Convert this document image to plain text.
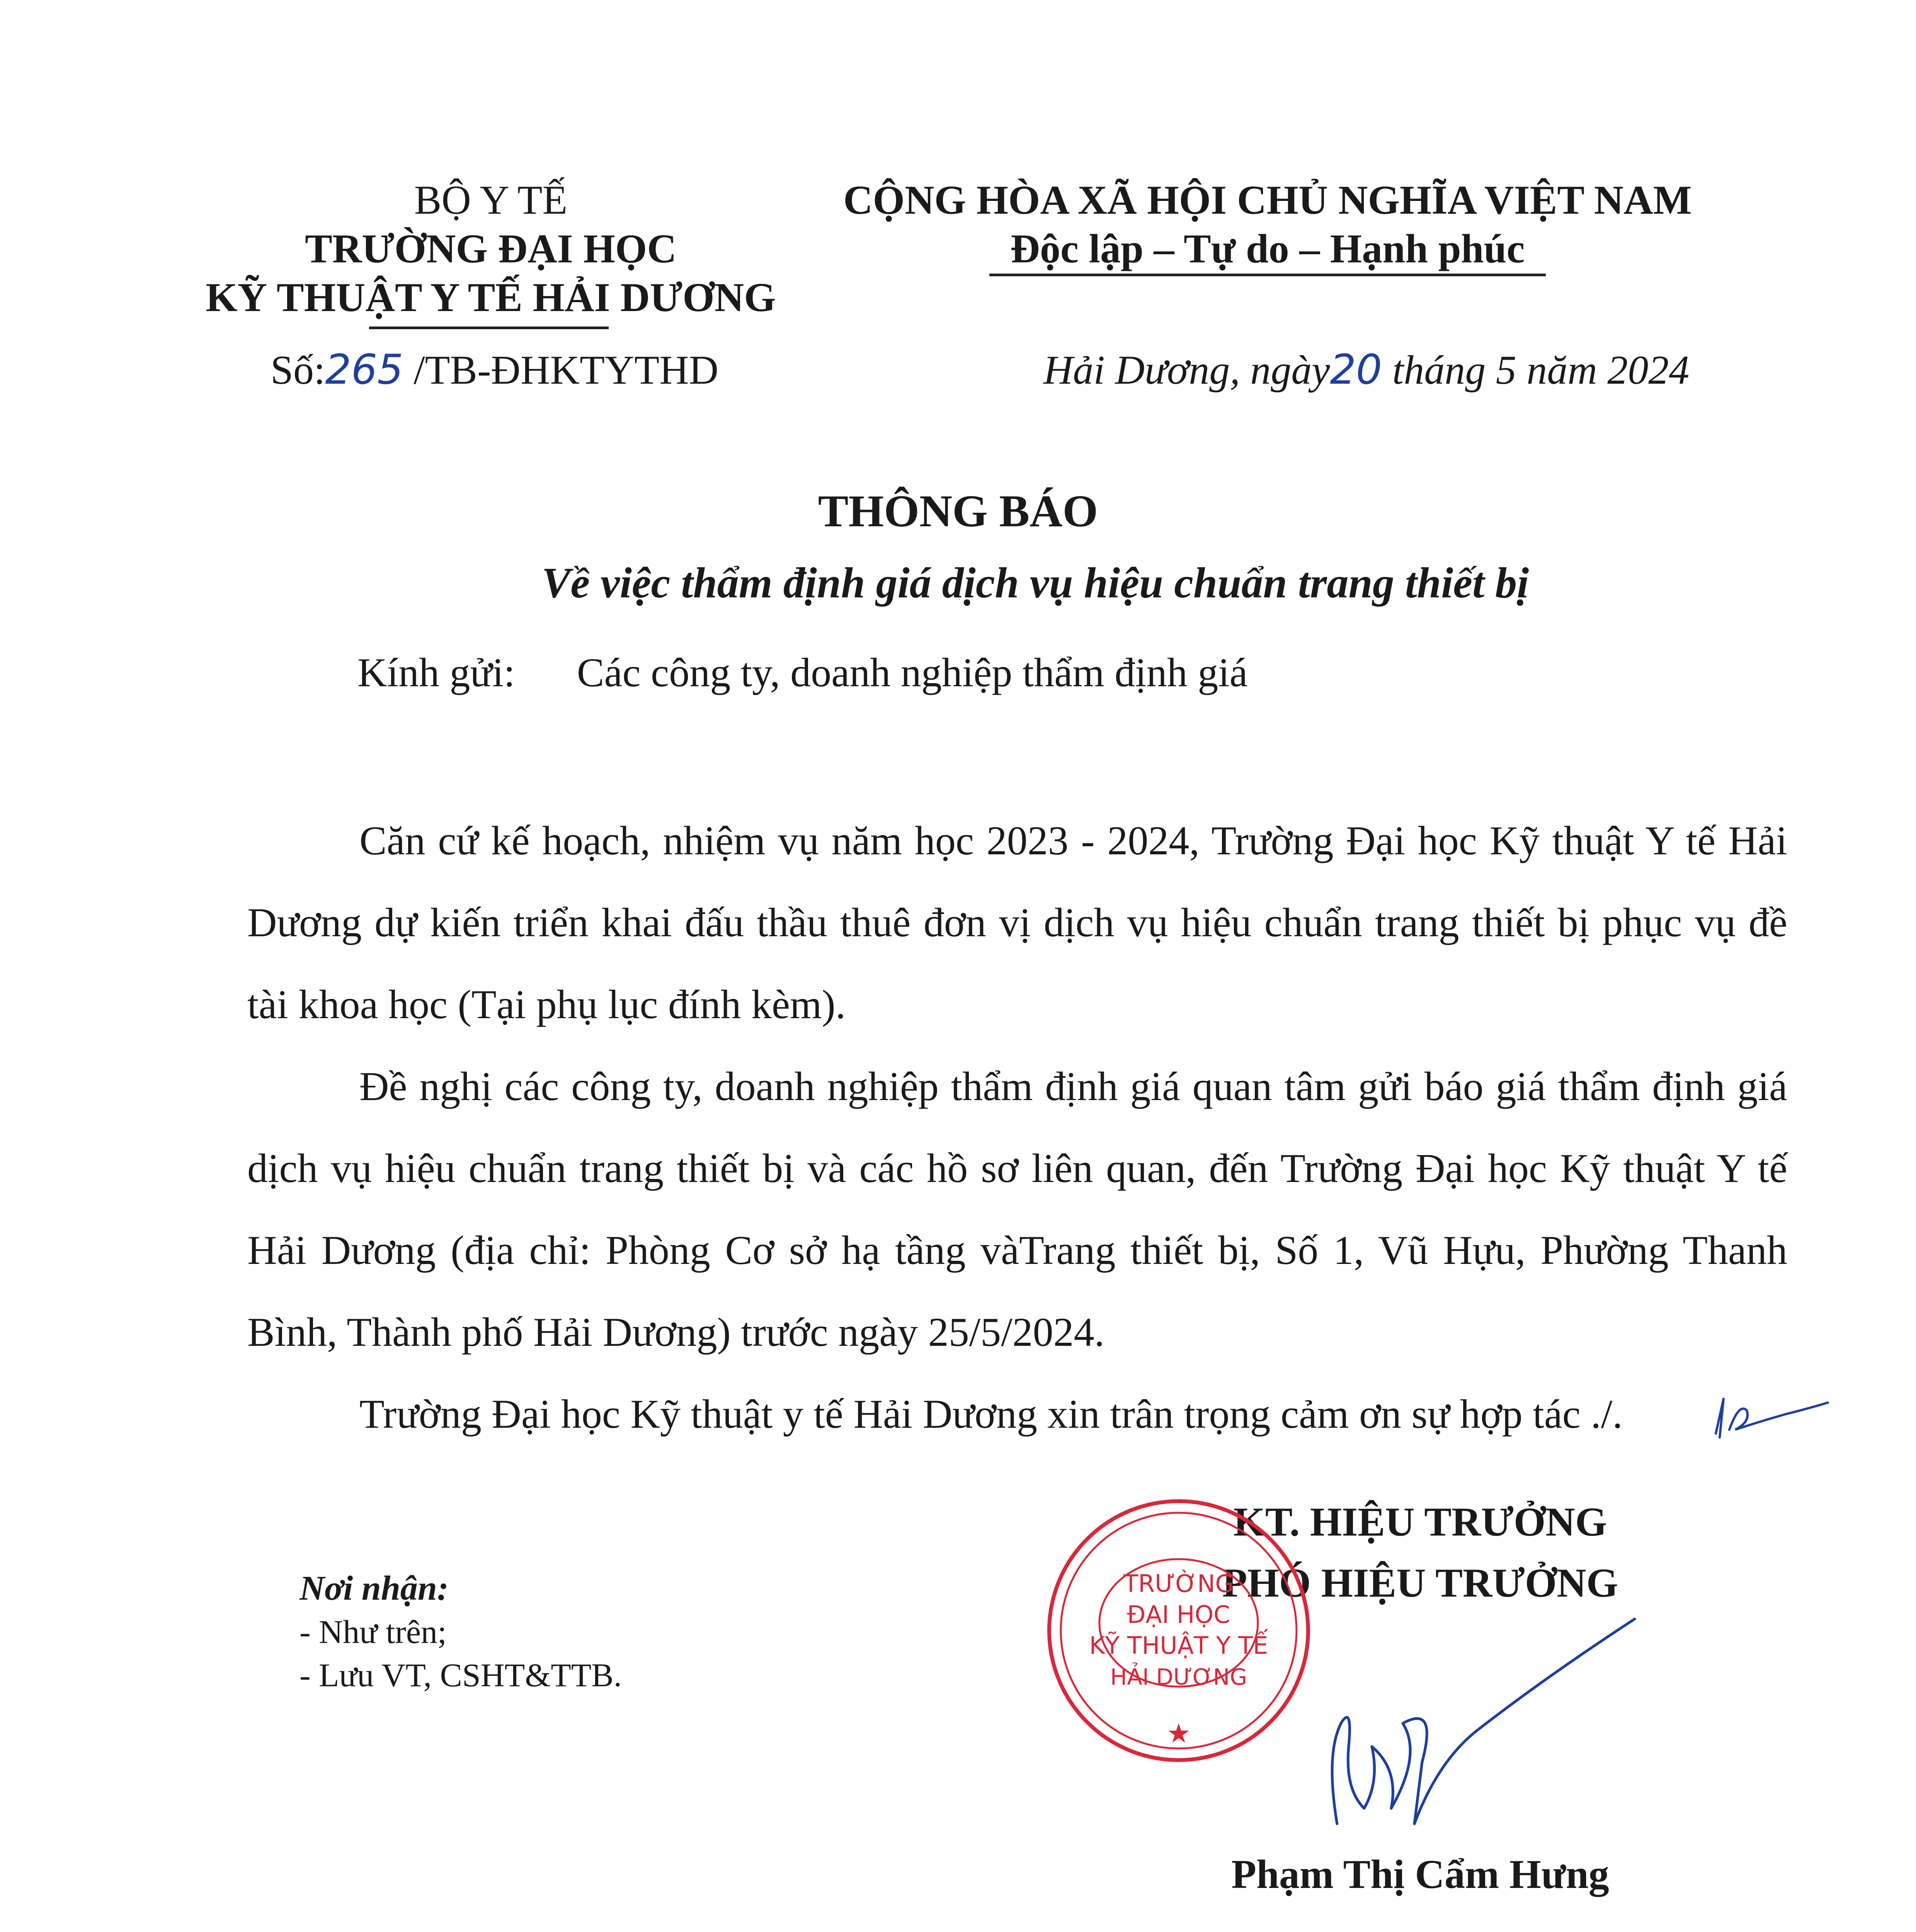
BỘ Y TẾ
TRƯỜNG ĐẠI HỌC
KỸ THUẬT Y TẾ HẢI DƯƠNG
Số:265 /TB-ĐHKTYTHD
CỘNG HÒA XÃ HỘI CHỦ NGHĨA VIỆT NAM
Độc lập – Tự do – Hạnh phúc
Hải Dương, ngày20 tháng 5 năm 2024
THÔNG BÁO
Về việc thẩm định giá dịch vụ hiệu chuẩn trang thiết bị
Kính gửi: Các công ty, doanh nghiệp thẩm định giá

Căn cứ kế hoạch, nhiệm vụ năm học 2023 - 2024, Trường Đại học Kỹ thuật Y tế Hải Dương dự kiến triển khai đấu thầu thuê đơn vị dịch vụ hiệu chuẩn trang thiết bị phục vụ đề tài khoa học (Tại phụ lục đính kèm).

Đề nghị các công ty, doanh nghiệp thẩm định giá quan tâm gửi báo giá thẩm định giá dịch vụ hiệu chuẩn trang thiết bị và các hồ sơ liên quan, đến Trường Đại học Kỹ thuật Y tế Hải Dương (địa chỉ: Phòng Cơ sở hạ tầng vàTrang thiết bị, Số 1, Vũ Hựu, Phường Thanh Bình, Thành phố Hải Dương) trước ngày 25/5/2024.

Trường Đại học Kỹ thuật y tế Hải Dương xin trân trọng cảm ơn sự hợp tác ./.

Nơi nhận:
- Như trên;
- Lưu VT, CSHT&TTB.
KT. HIỆU TRƯỞNG
PHÓ HIỆU TRƯỞNG
TRƯỜNG
ĐẠI HỌC
KỸ THUẬT Y TẾ
HẢI DƯƠNG
★
Phạm Thị Cẩm Hưng
